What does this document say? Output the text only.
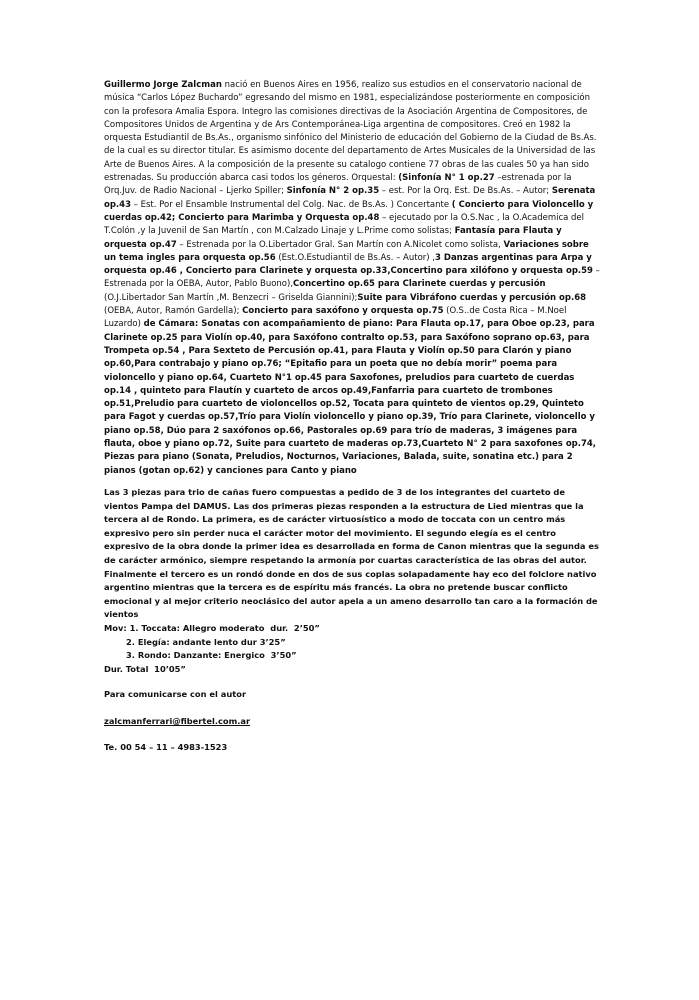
Guillermo Jorge Zalcman nació en Buenos Aires en 1956, realizo sus estudios en el conservatorio nacional de música “Carlos López Buchardo” egresando del mismo en 1981, especializándose posteriormente en composición con la profesora Amalia Espora. Integro las comisiones directivas de la Asociación Argentina de Compositores, de Compositores Unidos de Argentina y de Ars Contemporánea-Liga argentina de compositores. Creó en 1982 la orquesta Estudiantil de Bs.As., organismo sinfónico del Ministerio de educación del Gobierno de la Ciudad de Bs.As. de la cual es su director titular. Es asimismo docente del departamento de Artes Musicales de la Universidad de las Arte de Buenos Aires. A la composición de la presente su catalogo contiene 77 obras de las cuales 50 ya han sido estrenadas. Su producción abarca casi todos los géneros. Orquestal: (Sinfonía N° 1 op.27 –estrenada por la Orq.Juv. de Radio Nacional – Ljerko Spiller; Sinfonía N° 2 op.35 – est. Por la Orq. Est. De Bs.As. – Autor; Serenata op.43 – Est. Por el Ensamble Instrumental del Colg. Nac. de Bs.As. ) Concertante ( Concierto para Violoncello y cuerdas op.42; Concierto para Marimba y Orquesta op.48 – ejecutado por la O.S.Nac , la O.Academica del T.Colón ,y la Juvenil de San Martín , con M.Calzado Linaje y L.Prime como solistas; Fantasía para Flauta y orquesta op.47 – Estrenada por la O.Libertador Gral. San Martín con A.Nicolet como solista, Variaciones sobre un tema ingles para orquesta op.56 (Est.O.Estudiantil de Bs.As. – Autor) ,3 Danzas argentinas para Arpa y orquesta op.46 , Concierto para Clarinete y orquesta op.33,Concertino para xilófono y orquesta op.59 – Estrenada por la OEBA, Autor, Pablo Buono),Concertino op.65 para Clarinete cuerdas y percusión (O.J.Libertador San Martín ,M. Benzecri – Griselda Giannini);Suite para Vibráfono cuerdas y percusión op.68 (OEBA, Autor, Ramón Gardella); Concierto para saxófono y orquesta op.75 (O.S..de Costa Rica – M.Noel Luzardo) de Cámara: Sonatas con acompañamiento de piano: Para Flauta op.17, para Oboe op.23, para Clarinete op.25 para Violín op.40, para Saxófono contralto op.53, para Saxófono soprano op.63, para Trompeta op.54 , Para Sexteto de Percusión op.41, para Flauta y Violín op.50 para Clarón y piano op.60,Para contrabajo y piano op.76; “Epitafio para un poeta que no debía morir” poema para violoncello y piano op.64, Cuarteto N°1 op.45 para Saxofones, preludios para cuarteto de cuerdas op.14 , quinteto para Flautín y cuarteto de arcos op.49,Fanfarria para cuarteto de trombones op.51,Preludio para cuarteto de violoncellos op.52, Tocata para quinteto de vientos op.29, Quinteto para Fagot y cuerdas op.57,Trío para Violín violoncello y piano op.39, Trío para Clarinete, violoncello y piano op.58, Dúo para 2 saxófonos op.66, Pastorales op.69 para trío de maderas, 3 imágenes para flauta, oboe y piano op.72, Suite para cuarteto de maderas op.73,Cuarteto N° 2 para saxofones op.74, Piezas para piano (Sonata, Preludios, Nocturnos, Variaciones, Balada, suite, sonatina etc.) para 2 pianos (gotan op.62) y canciones para Canto y piano
Las 3 piezas para trio de cañas fuero compuestas a pedido de 3 de los integrantes del cuarteto de vientos Pampa del DAMUS. Las dos primeras piezas responden a la estructura de Lied mientras que la tercera al de Rondo. La primera, es de carácter virtuosístico a modo de toccata con un centro más expresivo pero sin perder nuca el carácter motor del movimiento. El segundo elegía es el centro expresivo de la obra donde la primer idea es desarrollada en forma de Canon mientras que la segunda es de carácter armónico, siempre respetando la armonía por cuartas característica de las obras del autor. Finalmente el tercero es un rondó donde en dos de sus coplas solapadamente hay eco del folclore nativo argentino mientras que la tercera es de espíritu más francés. La obra no pretende buscar conflicto emocional y al mejor criterio neoclásico del autor apela a un ameno desarrollo tan caro a la formación de vientos
Mov: 1. Toccata: Allegro moderato  dur.  2’50”
2. Elegía: andante lento dur 3’25”
3. Rondo: Danzante: Energico  3’50”
Dur. Total  10’05”
Para comunicarse con el autor
zalcmanferrari@fibertel.com.ar
Te. 00 54 – 11 – 4983-1523
